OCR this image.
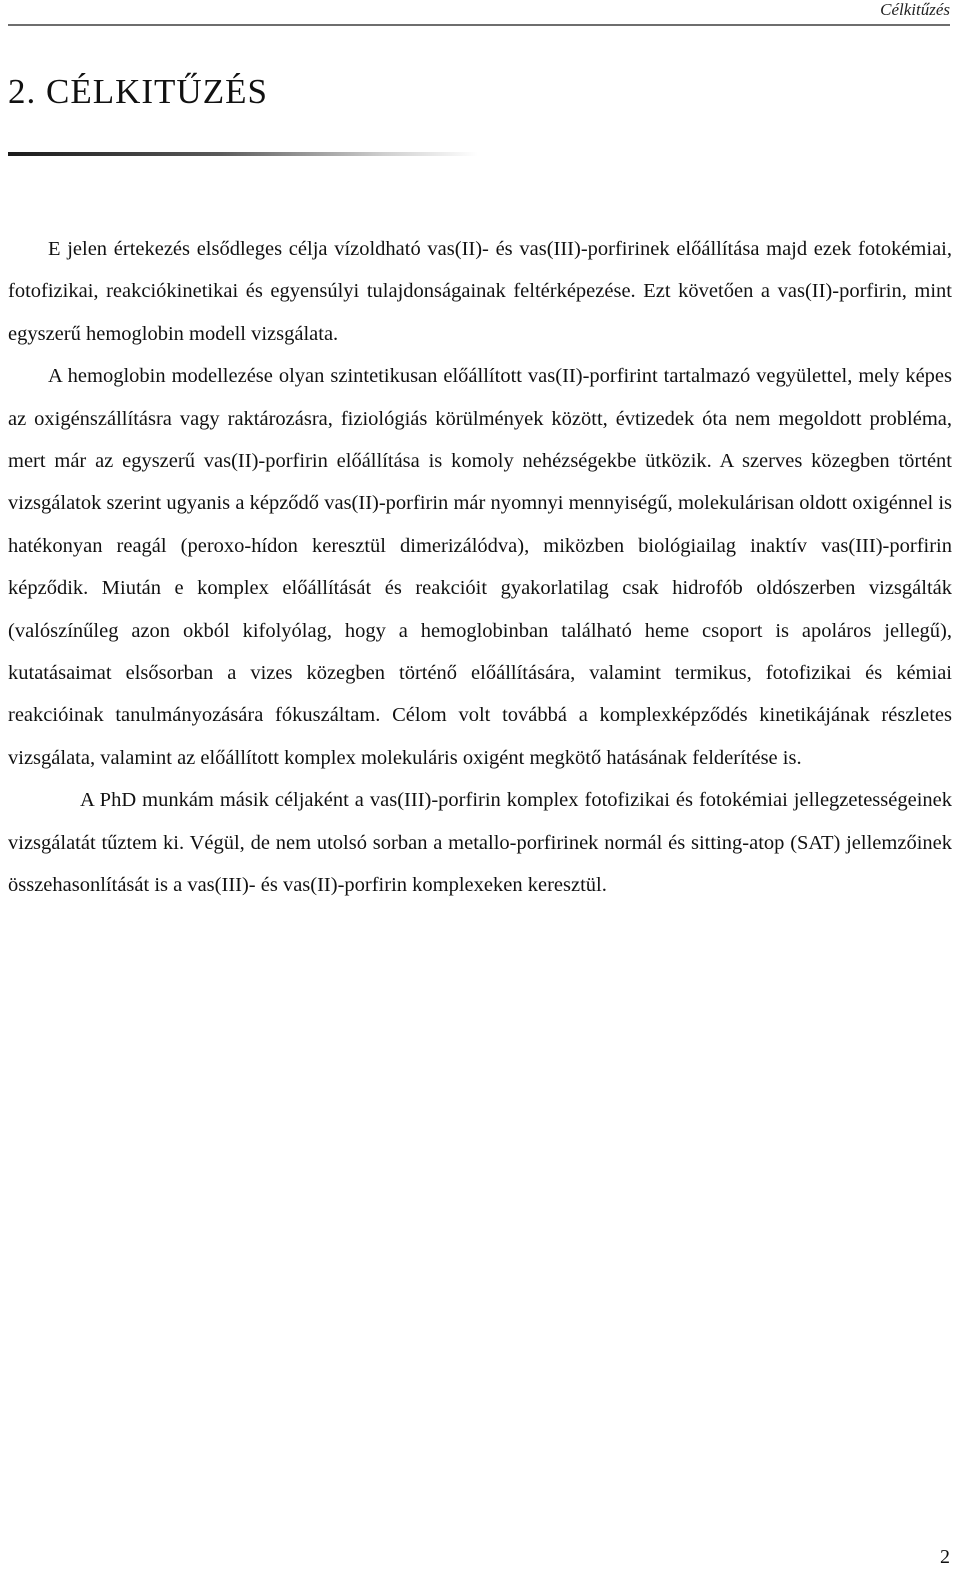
Célkitűzés
2. CÉLKITŰZÉS

E jelen értekezés elsődleges célja vízoldható vas(II)- és vas(III)-porfirinek előállítása majd ezek fotokémiai, fotofizikai, reakciókinetikai és egyensúlyi tulajdonságainak feltérképezése. Ezt követően a vas(II)-porfirin, mint egyszerű hemoglobin modell vizsgálata.

A hemoglobin modellezése olyan szintetikusan előállított vas(II)-porfirint tartalmazó vegyülettel, mely képes az oxigénszállításra vagy raktározásra, fiziológiás körülmények között, évtizedek óta nem megoldott probléma, mert már az egyszerű vas(II)-porfirin előállítása is komoly nehézségekbe ütközik. A szerves közegben történt vizsgálatok szerint ugyanis a képződő vas(II)-porfirin már nyomnyi mennyiségű, molekulárisan oldott oxigénnel is hatékonyan reagál (peroxo-hídon keresztül dimerizálódva), miközben biológiailag inaktív vas(III)-porfirin képződik. Miután e komplex előállítását és reakcióit gyakorlatilag csak hidrofób oldószerben vizsgálták (valószínűleg azon okból kifolyólag, hogy a hemoglobinban található heme csoport is apoláros jellegű), kutatásaimat elsősorban a vizes közegben történő előállítására, valamint termikus, fotofizikai és kémiai reakcióinak tanulmányozására fókuszáltam. Célom volt továbbá a komplexképződés kinetikájának részletes vizsgálata, valamint az előállított komplex molekuláris oxigént megkötő hatásának felderítése is.

A PhD munkám másik céljaként a vas(III)-porfirin komplex fotofizikai és fotokémiai jellegzetességeinek vizsgálatát tűztem ki. Végül, de nem utolsó sorban a metallo-porfirinek normál és sitting-atop (SAT) jellemzőinek összehasonlítását is a vas(III)- és vas(II)-porfirin komplexeken keresztül.

2
